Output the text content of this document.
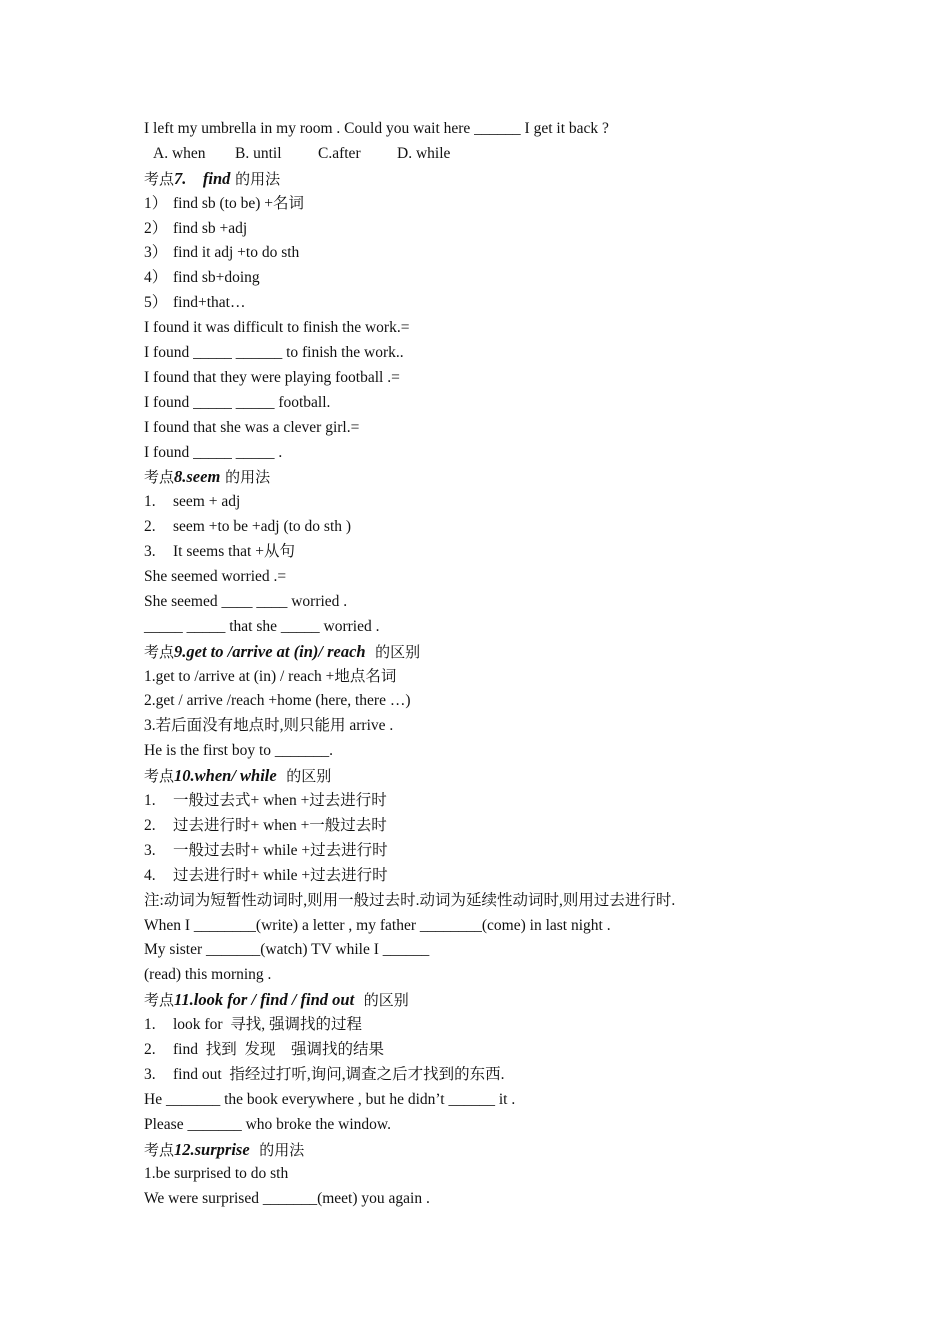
I left my umbrella in my room . Could you wait here ______ I get it back ?
A. when B. until C.after D. while
考点7.    find 的用法
1） find sb (to be) +名词
2） find sb +adj
3） find it adj +to do sth
4） find sb+doing
5） find+that…
I found it was difficult to finish the work.=
I found _____ ______ to finish the work..
I found that they were playing football .=
I found _____ _____ football.
I found that she was a clever girl.=
I found _____ _____ .
考点8.seem 的用法
1. seem + adj
2. seem +to be +adj (to do sth )
3. It seems that +从句
She seemed worried .=
She seemed ____ ____ worried .
_____ _____ that she _____ worried .
考点9.get to /arrive at (in)/ reach  的区别
1.get to /arrive at (in) / reach +地点名词
2.get / arrive /reach +home (here, there …)
3.若后面没有地点时,则只能用 arrive .
He is the first boy to _______.
考点10.when/ while  的区别
1. 一般过去式+ when +过去进行时
2. 过去进行时+ when +一般过去时
3. 一般过去时+ while +过去进行时
4. 过去进行时+ while +过去进行时
注:动词为短暂性动词时,则用一般过去时.动词为延续性动词时,则用过去进行时.
When I ________(write) a letter , my father ________(come) in last night .
My sister _______(watch) TV while I ______
(read) this morning .
考点11.look for / find / find out  的区别
1. look for  寻找, 强调找的过程
2. find  找到  发现    强调找的结果
3. find out  指经过打听,询问,调查之后才找到的东西.
He _______ the book everywhere , but he didn’t ______ it .
Please _______ who broke the window.
考点12.surprise  的用法
1.be surprised to do sth
We were surprised _______(meet) you again .
